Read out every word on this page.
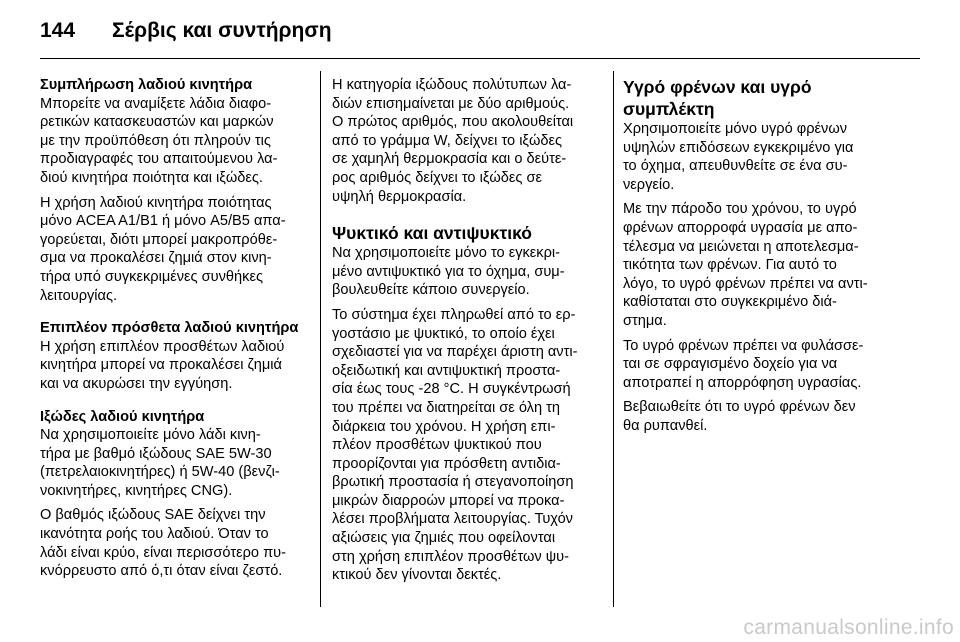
144 Σέρβις και συντήρηση

Συμπλήρωση λαδιού κινητήρα

Μπορείτε να αναμίξετε λάδια διαφο-
ρετικών κατασκευαστών και μαρκών
με την προϋπόθεση ότι πληρούν τις
προδιαγραφές του απαιτούμενου λα-
διού κινητήρα ποιότητα και ιξώδες.

Η χρήση λαδιού κινητήρα ποιότητας
μόνο ACEA A1/B1 ή μόνο A5/B5 απα-
γορεύεται, διότι μπορεί μακροπρόθε-
σμα να προκαλέσει ζημιά στον κινη-
τήρα υπό συγκεκριμένες συνθήκες
λειτουργίας.

Επιπλέον πρόσθετα λαδιού κινητήρα

Η χρήση επιπλέον προσθέτων λαδιού
κινητήρα μπορεί να προκαλέσει ζημιά
και να ακυρώσει την εγγύηση.

Ιξώδες λαδιού κινητήρα

Να χρησιμοποιείτε μόνο λάδι κινη-
τήρα με βαθμό ιξώδους SAE 5W-30
(πετρελαιοκινητήρες) ή 5W-40 (βενζι-
νοκινητήρες, κινητήρες CNG).

Ο βαθμός ιξώδους SAE δείχνει την
ικανότητα ροής του λαδιού. Όταν το
λάδι είναι κρύο, είναι περισσότερο πυ-
κνόρρευστο από ό,τι όταν είναι ζεστό.

Η κατηγορία ιξώδους πολύτυπων λα-
διών επισημαίνεται με δύο αριθμούς.
Ο πρώτος αριθμός, που ακολουθείται
από το γράμμα W, δείχνει το ιξώδες
σε χαμηλή θερμοκρασία και ο δεύτε-
ρος αριθμός δείχνει το ιξώδες σε
υψηλή θερμοκρασία.

Ψυκτικό και αντιψυκτικό

Να χρησιμοποιείτε μόνο το εγκεκρι-
μένο αντιψυκτικό για το όχημα, συμ-
βουλευθείτε κάποιο συνεργείο.

Το σύστημα έχει πληρωθεί από το ερ-
γοστάσιο με ψυκτικό, το οποίο έχει
σχεδιαστεί για να παρέχει άριστη αντι-
οξειδωτική και αντιψυκτική προστα-
σία έως τους -28 °C. Η συγκέντρωσή
του πρέπει να διατηρείται σε όλη τη
διάρκεια του χρόνου. Η χρήση επι-
πλέον προσθέτων ψυκτικού που
προορίζονται για πρόσθετη αντιδια-
βρωτική προστασία ή στεγανοποίηση
μικρών διαρροών μπορεί να προκα-
λέσει προβλήματα λειτουργίας. Τυχόν
αξιώσεις για ζημιές που οφείλονται
στη χρήση επιπλέον προσθέτων ψυ-
κτικού δεν γίνονται δεκτές.

Υγρό φρένων και υγρό
συμπλέκτη

Χρησιμοποιείτε μόνο υγρό φρένων
υψηλών επιδόσεων εγκεκριμένο για
το όχημα, απευθυνθείτε σε ένα συ-
νεργείο.

Με την πάροδο του χρόνου, το υγρό
φρένων απορροφά υγρασία με απο-
τέλεσμα να μειώνεται η αποτελεσμα-
τικότητα των φρένων. Για αυτό το
λόγο, το υγρό φρένων πρέπει να αντι-
καθίσταται στο συγκεκριμένο διά-
στημα.

Το υγρό φρένων πρέπει να φυλάσσε-
ται σε σφραγισμένο δοχείο για να
αποτραπεί η απορρόφηση υγρασίας.

Βεβαιωθείτε ότι το υγρό φρένων δεν
θα ρυπανθεί.

carmanualsonline.info
